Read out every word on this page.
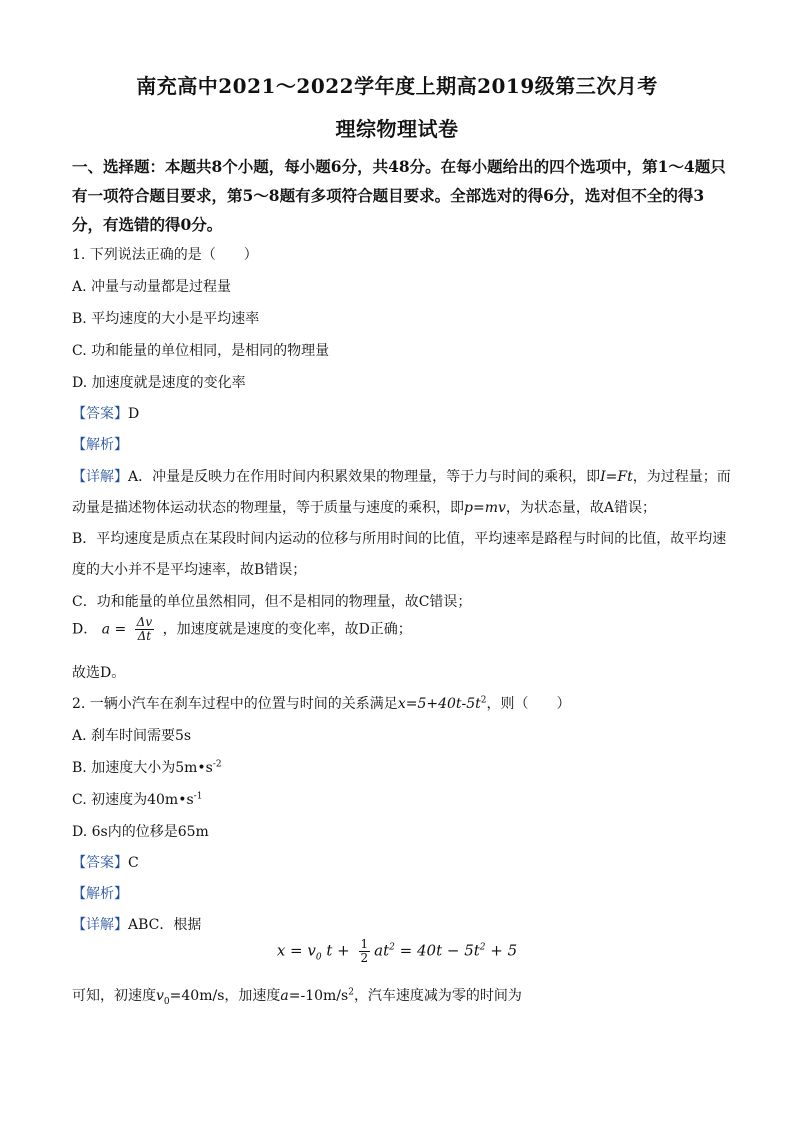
南充高中2021～2022学年度上期高2019级第三次月考
理综物理试卷
一、选择题：本题共8个小题，每小题6分，共48分。在每小题给出的四个选项中，第1～4题只有一项符合题目要求，第5～8题有多项符合题目要求。全部选对的得6分，选对但不全的得3分，有选错的得0分。
1. 下列说法正确的是（　　）
A. 冲量与动量都是过程量
B. 平均速度的大小是平均速率
C. 功和能量的单位相同，是相同的物理量
D. 加速度就是速度的变化率
【答案】D
【解析】
【详解】A．冲量是反映力在作用时间内积累效果的物理量，等于力与时间的乘积，即I=Ft，为过程量；而
动量是描述物体运动状态的物理量，等于质量与速度的乘积，即p=mv，为状态量，故A错误；
B．平均速度是质点在某段时间内运动的位移与所用时间的比值，平均速率是路程与时间的比值，故平均速
度的大小并不是平均速率，故B错误；
C．功和能量的单位虽然相同，但不是相同的物理量，故C错误；
D． $a = \frac{\Delta v}{\Delta t}$ ，加速度就是速度的变化率，故D正确；
故选D。
2. 一辆小汽车在刹车过程中的位置与时间的关系满足$x=5+40t-5t^2$，则（　　）
A. 刹车时间需要5s
B. 加速度大小为$5m•s^{-2}$
C. 初速度为$40m•s^{-1}$
D. 6s内的位移是65m
【答案】C
【解析】
【详解】ABC．根据
$x = v_0$ $t + \frac{1}{2} at^2 = 40t - 5t^2 + 5$
可知，初速度$v_0=40m/s$，加速度$a=-10m/s^2$，汽车速度减为零的时间为
